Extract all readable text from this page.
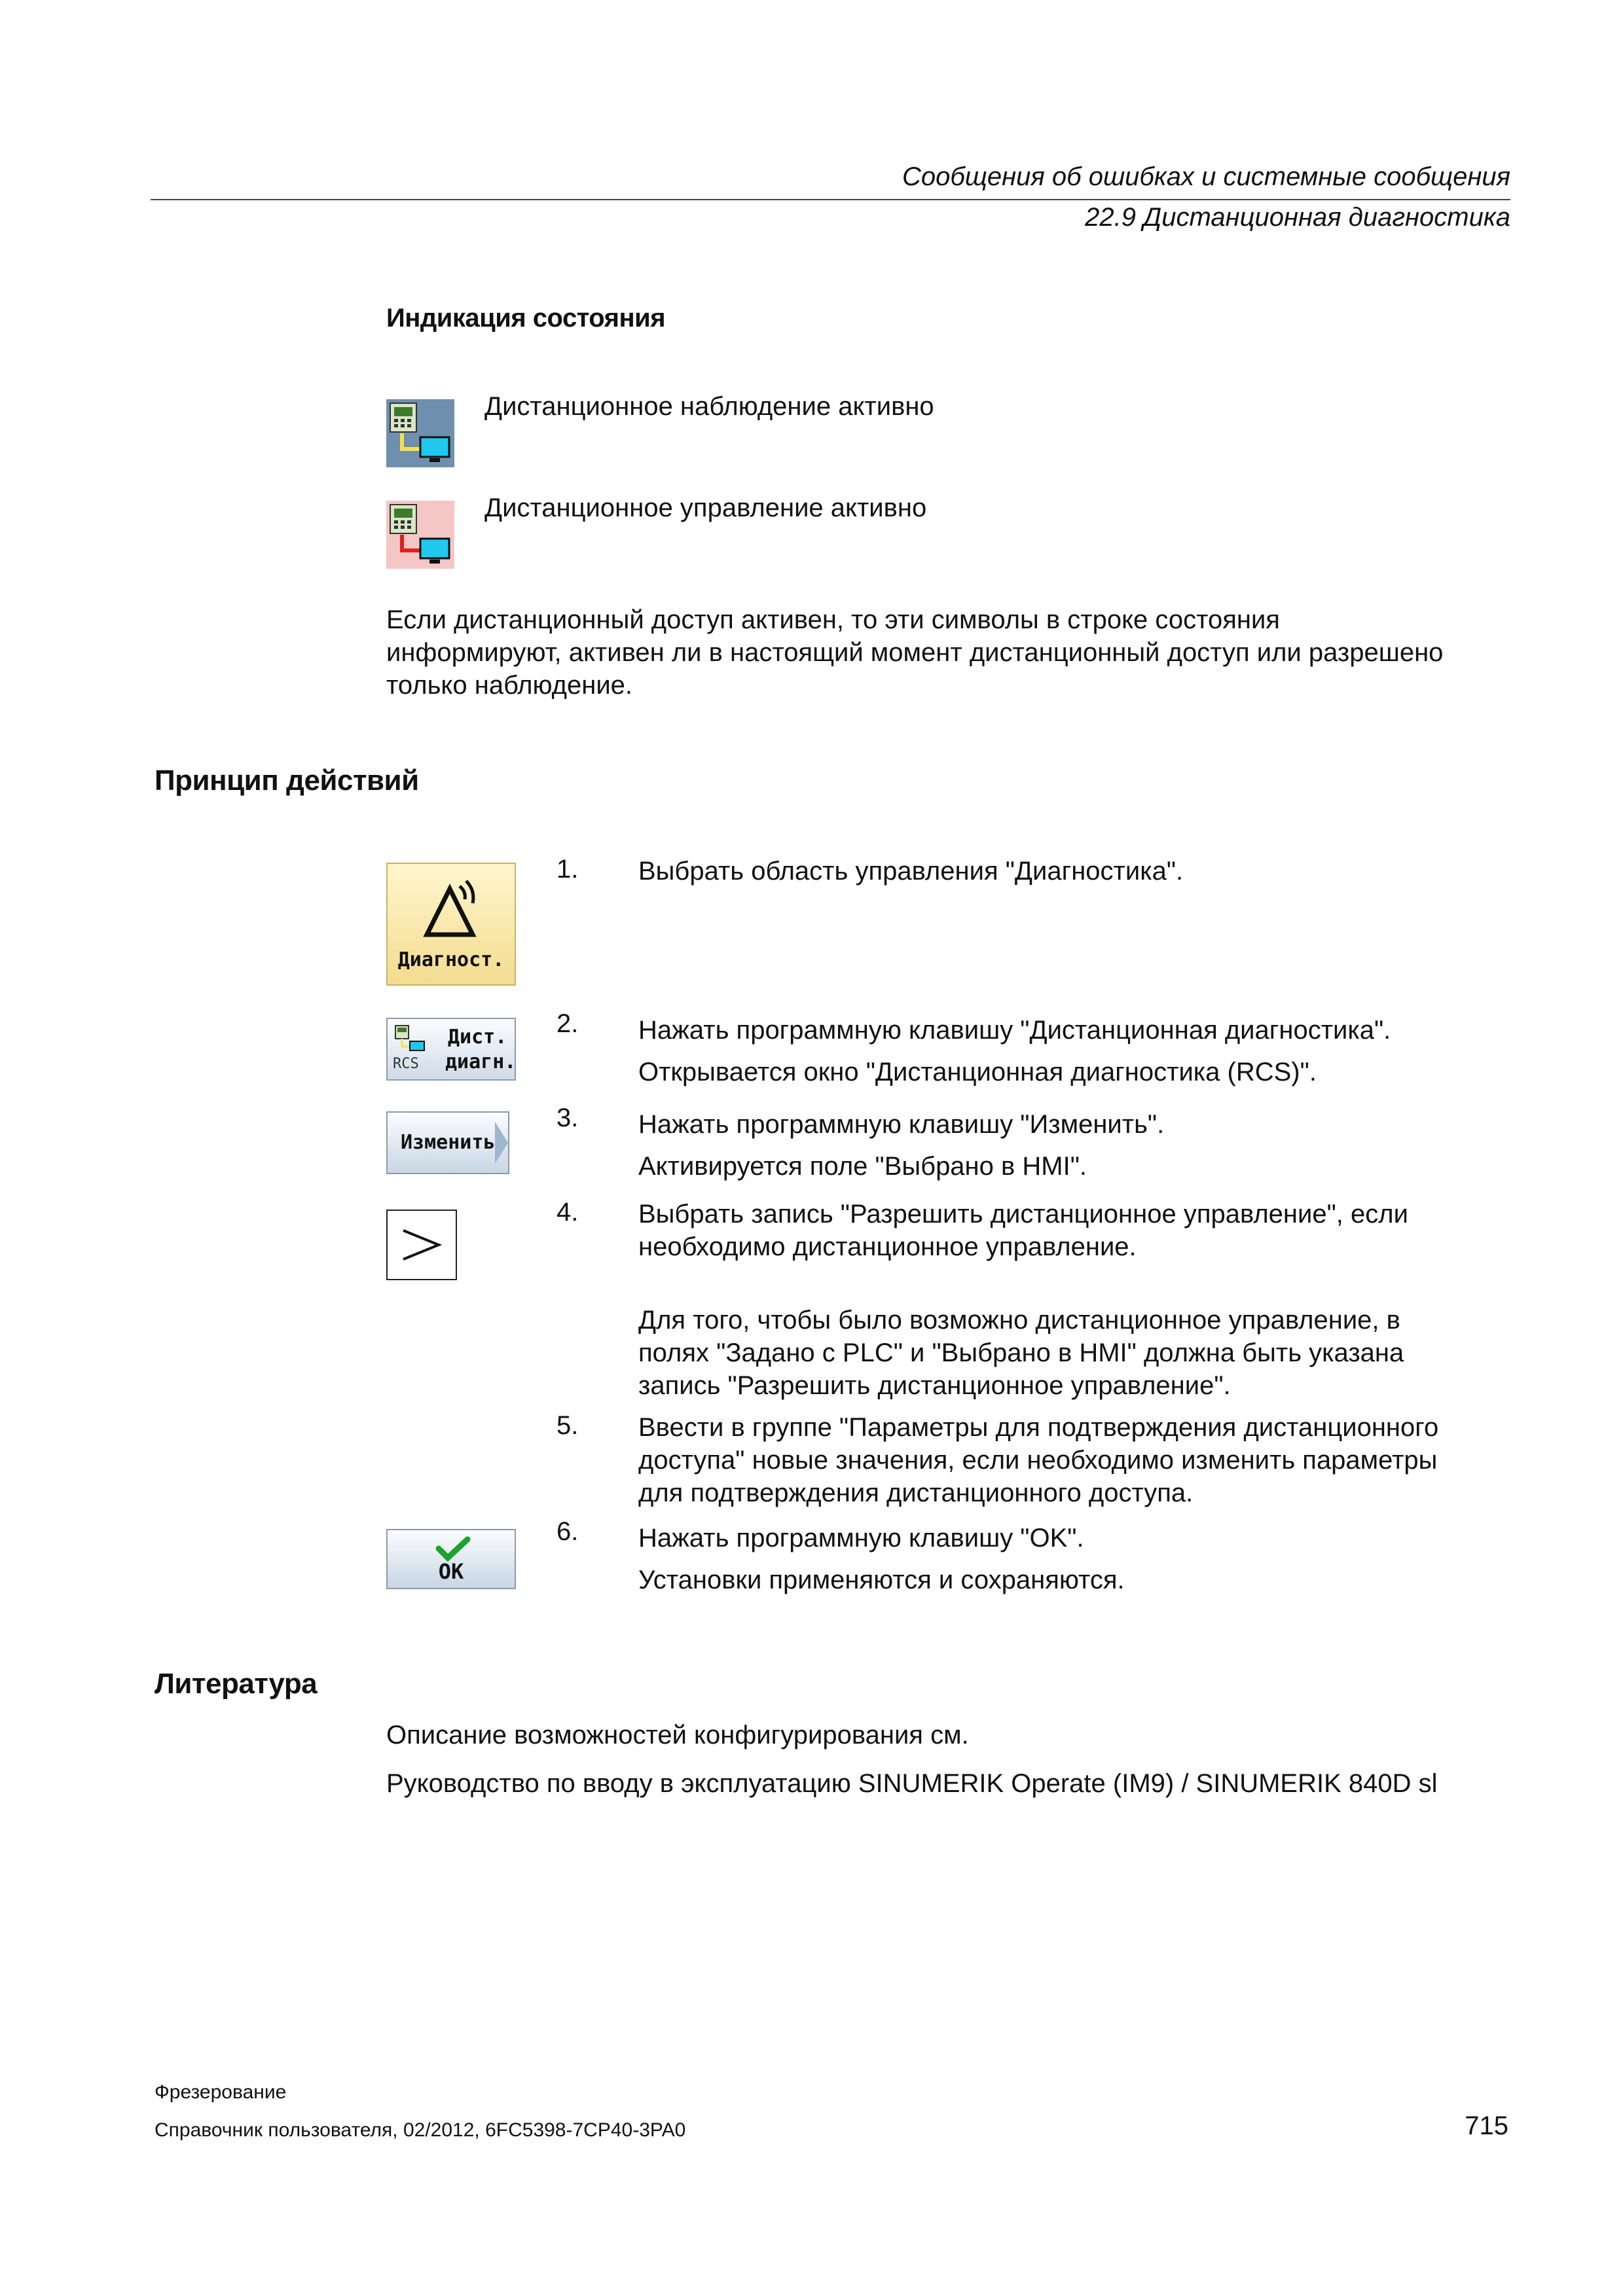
Сообщения об ошибках и системные сообщения
22.9 Дистанционная диагностика
Индикация состояния
Дистанционное наблюдение активно
Дистанционное управление активно
Если дистанционный доступ активен, то эти символы в строке состояния
информируют, активен ли в настоящий момент дистанционный доступ или разрешено
только наблюдение.
Принцип действий
Диагност.
RCS
Дист.
диагн.
Изменить
OK
1.	Выбрать область управления "Диагностика".
2.	Нажать программную клавишу "Дистанционная диагностика".
Открывается окно "Дистанционная диагностика (RCS)".
3.	Нажать программную клавишу "Изменить".
Активируется поле "Выбрано в HMI".
4.	Выбрать запись "Разрешить дистанционное управление", если
необходимо дистанционное управление.
Для того, чтобы было возможно дистанционное управление, в
полях "Задано с PLC" и "Выбрано в HMI" должна быть указана
запись "Разрешить дистанционное управление".
5.	Ввести в группе "Параметры для подтверждения дистанционного
доступа" новые значения, если необходимо изменить параметры
для подтверждения дистанционного доступа.
6.	Нажать программную клавишу "OK".
Установки применяются и сохраняются.
Литература
Описание возможностей конфигурирования см.
Руководство по вводу в эксплуатацию SINUMERIK Operate (IM9) / SINUMERIK 840D sl
Фрезерование
Справочник пользователя, 02/2012, 6FC5398-7CP40-3PA0	715
